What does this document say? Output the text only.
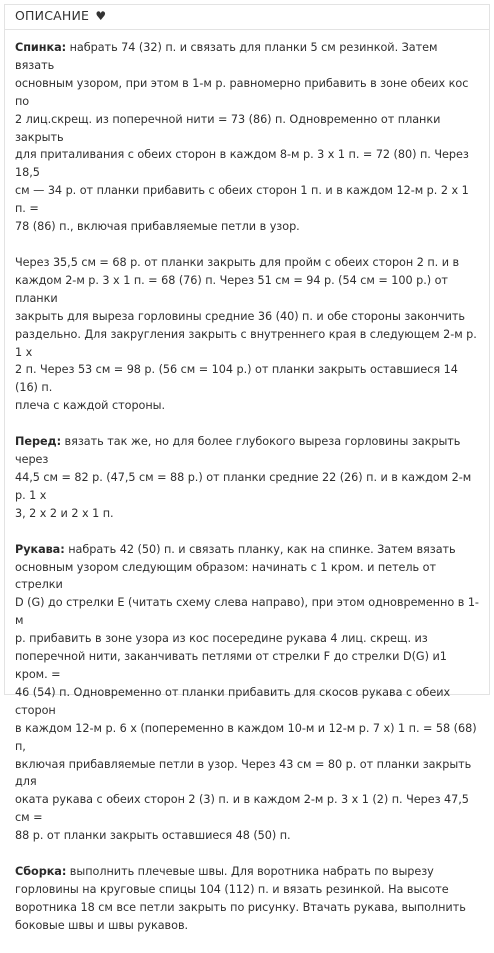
ОПИСАНИЕ ♥
Спинка: набрать 74 (32) п. и связать для планки 5 см резинкой. Затем вязать
основным узором, при этом в 1-м р. равномерно прибавить в зоне обеих кос по
2 лиц.скрещ. из поперечной нити = 73 (86) п. Одновременно от планки закрыть
для приталивания с обеих сторон в каждом 8-м р. 3 х 1 п. = 72 (80) п. Через 18,5
см — 34 р. от планки прибавить с обеих сторон 1 п. и в каждом 12-м р. 2 х 1 п. =
78 (86) п., включая прибавляемые петли в узор.
Через 35,5 см = 68 р. от планки закрыть для пройм с обеих сторон 2 п. и в
каждом 2-м р. 3 х 1 п. = 68 (76) п. Через 51 см = 94 р. (54 см = 100 р.) от планки
закрыть для выреза горловины средние 36 (40) п. и обе стороны закончить
раздельно. Для закругления закрыть с внутреннего края в следующем 2-м р. 1 х
2 п. Через 53 см = 98 р. (56 см = 104 р.) от планки закрыть оставшиеся 14 (16) п.
плеча с каждой стороны.
Перед: вязать так же, но для более глубокого выреза горловины закрыть через
44,5 см = 82 р. (47,5 см = 88 р.) от планки средние 22 (26) п. и в каждом 2-м р. 1 х
3, 2 х 2 и 2 х 1 п.
Рукава: набрать 42 (50) п. и связать планку, как на спинке. Затем вязать
основным узором следующим образом: начинать с 1 кром. и петель от стрелки
D (G) до стрелки E (читать схему слева направо), при этом одновременно в 1-м
р. прибавить в зоне узора из кос посередине рукава 4 лиц. скрещ. из
поперечной нити, заканчивать петлями от стрелки F до стрелки D(G) и1 кром. =
46 (54) п. Одновременно от планки прибавить для скосов рукава с обеих сторон
в каждом 12-м р. 6 х (попеременно в каждом 10-м и 12-м р. 7 х) 1 п. = 58 (68) п,
включая прибавляемые петли в узор. Через 43 см = 80 р. от планки закрыть для
оката рукава с обеих сторон 2 (3) п. и в каждом 2-м р. 3 х 1 (2) п. Через 47,5 см =
88 р. от планки закрыть оставшиеся 48 (50) п.
Сборка: выполнить плечевые швы. Для воротника набрать по вырезу
горловины на круговые спицы 104 (112) п. и вязать резинкой. На высоте
воротника 18 см все петли закрыть по рисунку. Втачать рукава, выполнить
боковые швы и швы рукавов.
